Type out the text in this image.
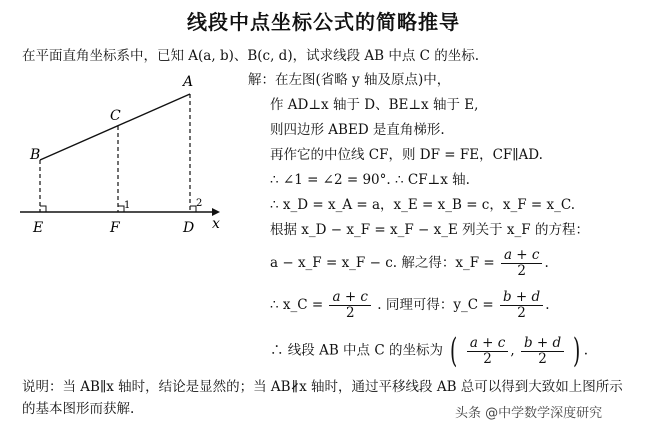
线段中点坐标公式的简略推导
在平面直角坐标系中，已知 A(a, b)、B(c, d)，试求线段 AB 中点 C 的坐标.
A
B
C
E	F	D x
1	2
解：在左图(省略 y 轴及原点)中，
作 AD⊥x 轴于 D、BE⊥x 轴于 E,
则四边形 ABED 是直角梯形.
再作它的中位线 CF，则 DF = FE，CF∥AD.
∴ ∠1 = ∠2 = 90°. ∴ CF⊥x 轴.
∴ x_D = x_A = a，x_E = x_B = c，x_F = x_C.
根据 x_D − x_F = x_F − x_E 列关于 x_F 的方程：
a − x_F = x_F − c. 解之得：x_F = $\frac{a + c}{2}$ .
∴ x_C = $\frac{a + c}{2}$ . 同理可得：y_C = $\frac{b + d}{2}$ .
∴ 线段 AB 中点 C 的坐标为 ( $\frac{a + c}{2}$ , $\frac{b + d}{2}$ ) .
说明：当 AB∥x 轴时，结论是显然的；当 AB∦x 轴时，通过平移线段 AB 总可以得到大致如上图所示的基本图形而获解.	头条 @中学数学深度研究
